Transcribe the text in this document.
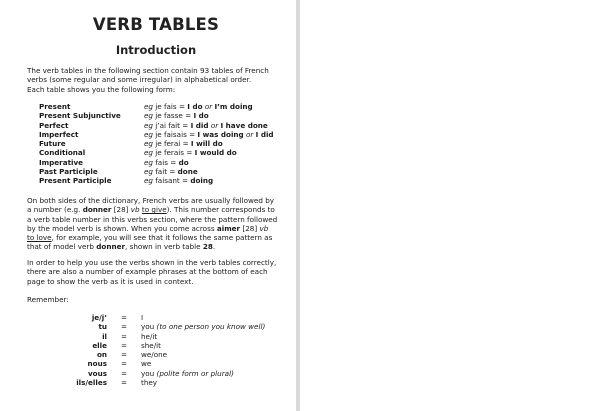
VERB TABLES
Introduction
The verb tables in the following section contain 93 tables of French
verbs (some regular and some irregular) in alphabetical order.
Each table shows you the following form:
Present	eg je fais = I do or I’m doing
Present Subjunctive	eg je fasse = I do
Perfect	eg j’ai fait = I did or I have done
Imperfect	eg je faisais = I was doing or I did
Future	eg je ferai = I will do
Conditional	eg je ferais = I would do
Imperative	eg fais = do
Past Participle	eg fait = done
Present Participle	eg faisant = doing
On both sides of the dictionary, French verbs are usually followed by
a number (e.g. donner [28] vb to give). This number corresponds to
a verb table number in this verbs section, where the pattern followed
by the model verb is shown. When you come across aimer [28] vb
to love, for example, you will see that it follows the same pattern as
that of model verb donner, shown in verb table 28.
In order to help you use the verbs shown in the verb tables correctly,
there are also a number of example phrases at the bottom of each
page to show the verb as it is used in context.
Remember:
je/j’	=	I
tu	=	you (to one person you know well)
il	=	he/it
elle	=	she/it
on	=	we/one
nous	=	we
vous	=	you (polite form or plural)
ils/elles	=	they
